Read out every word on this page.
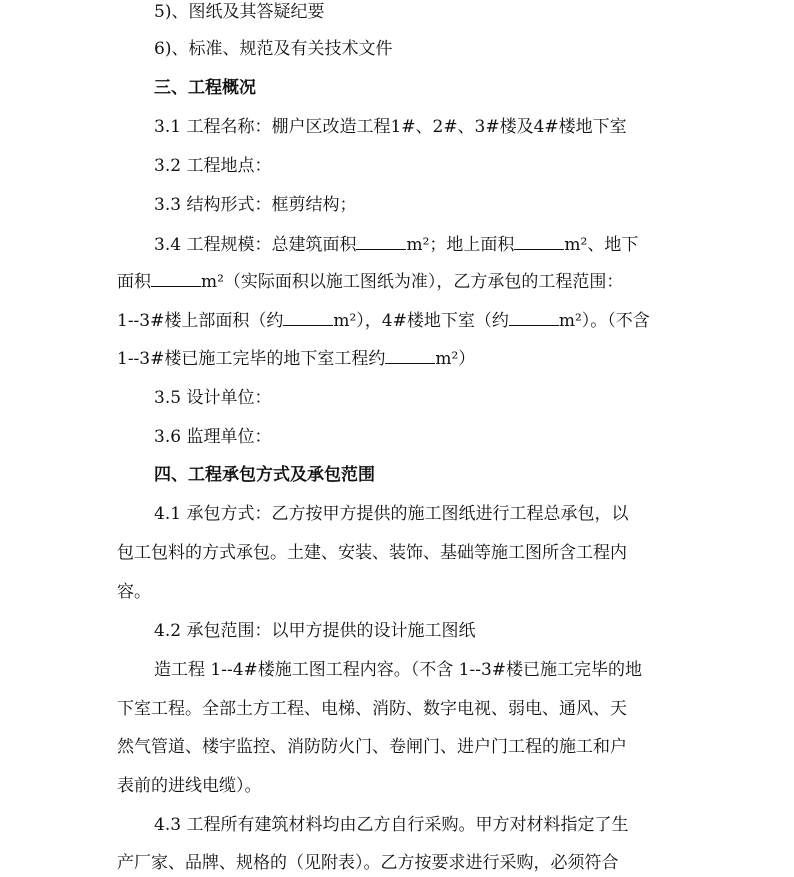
5)、图纸及其答疑纪要
6)、标准、规范及有关技术文件
三、工程概况
3.1 工程名称：棚户区改造工程1#、2#、3#楼及4#楼地下室
3.2 工程地点：
3.3 结构形式：框剪结构；
3.4 工程规模：总建筑面积	m²；地上面积	m²、地下
面积	m²（实际面积以施工图纸为准），乙方承包的工程范围：
1--3#楼上部面积（约	m²），4#楼地下室（约	m²）。（不含
1--3#楼已施工完毕的地下室工程约	m²）
3.5 设计单位：
3.6 监理单位：
四、工程承包方式及承包范围
4.1 承包方式：乙方按甲方提供的施工图纸进行工程总承包，以
包工包料的方式承包。土建、安装、装饰、基础等施工图所含工程内
容。
4.2 承包范围：以甲方提供的设计施工图纸
造工程 1--4#楼施工图工程内容。（不含 1--3#楼已施工完毕的地
下室工程。全部土方工程、电梯、消防、数字电视、弱电、通风、天
然气管道、楼宇监控、消防防火门、卷闸门、进户门工程的施工和户
表前的进线电缆）。
4.3 工程所有建筑材料均由乙方自行采购。甲方对材料指定了生
产厂家、品牌、规格的（见附表）。乙方按要求进行采购，必须符合
